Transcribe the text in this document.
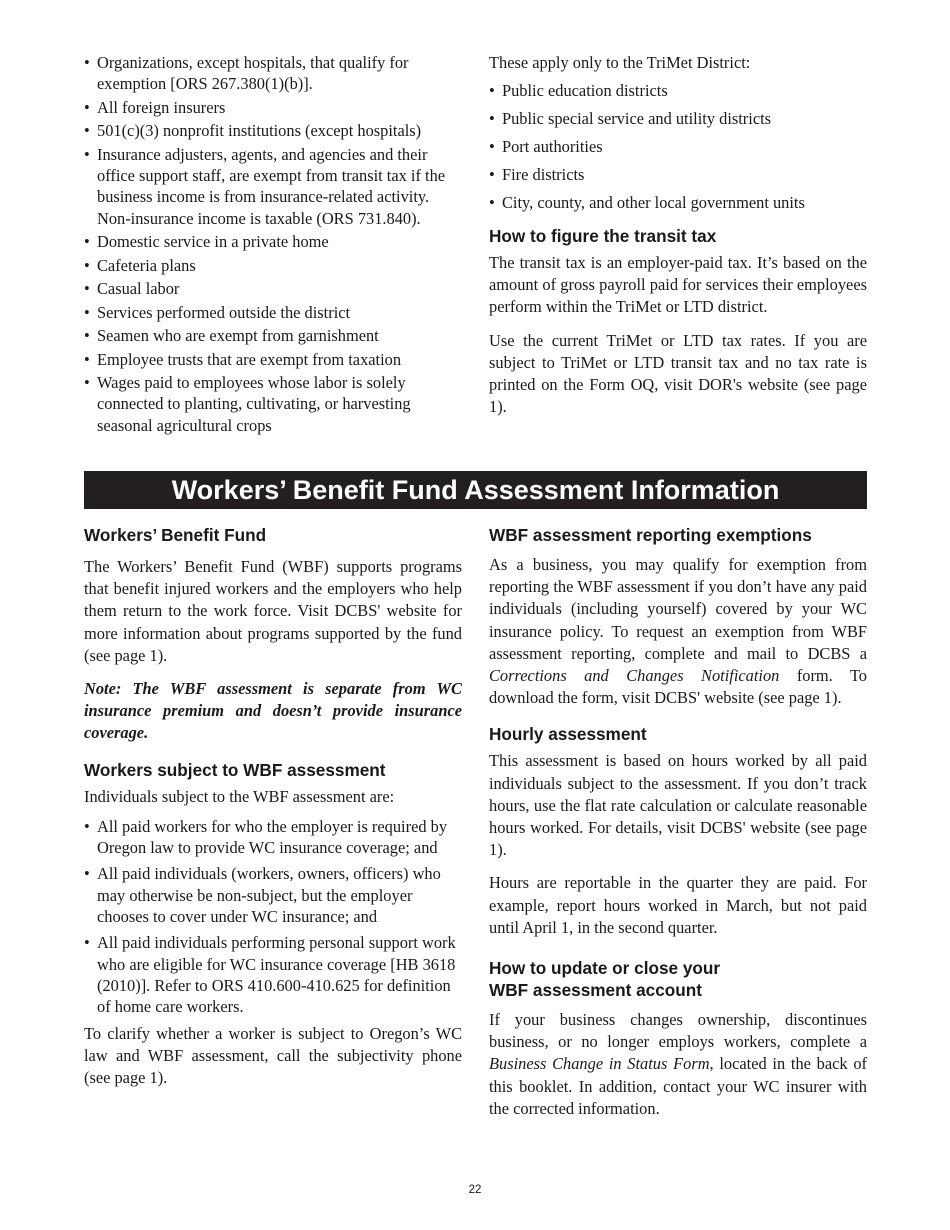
• Organizations, except hospitals, that qualify for exemption [ORS 267.380(1)(b)].
• All foreign insurers
• 501(c)(3) nonprofit institutions (except hospitals)
• Insurance adjusters, agents, and agencies and their office support staff, are exempt from transit tax if the business income is from insurance-related activity. Non-insurance income is taxable (ORS 731.840).
• Domestic service in a private home
• Cafeteria plans
• Casual labor
• Services performed outside the district
• Seamen who are exempt from garnishment
• Employee trusts that are exempt from taxation
• Wages paid to employees whose labor is solely connected to planting, cultivating, or harvesting seasonal agricultural crops

These apply only to the TriMet District:

• Public education districts
• Public special service and utility districts
• Port authorities
• Fire districts
• City, county, and other local government units
How to figure the transit tax

The transit tax is an employer-paid tax. It’s based on the amount of gross payroll paid for services their employees perform within the TriMet or LTD district.

Use the current TriMet or LTD tax rates. If you are subject to TriMet or LTD transit tax and no tax rate is printed on the Form OQ, visit DOR's website (see page 1).

Workers’ Benefit Fund Assessment Information
Workers’ Benefit Fund

The Workers’ Benefit Fund (WBF) supports programs that benefit injured workers and the employers who help them return to the work force. Visit DCBS' website for more information about programs supported by the fund (see page 1).

Note: The WBF assessment is separate from WC insurance premium and doesn’t provide insurance coverage.

Workers subject to WBF assessment

Individuals subject to the WBF assessment are:

• All paid workers for who the employer is required by Oregon law to provide WC insurance coverage; and
• All paid individuals (workers, owners, officers) who may otherwise be non-subject, but the employer chooses to cover under WC insurance; and
• All paid individuals performing personal support work who are eligible for WC insurance coverage [HB 3618 (2010)]. Refer to ORS 410.600-410.625 for definition of home care workers.

To clarify whether a worker is subject to Oregon’s WC law and WBF assessment, call the subjectivity phone (see page 1).

WBF assessment reporting exemptions

As a business, you may qualify for exemption from reporting the WBF assessment if you don’t have any paid individuals (including yourself) covered by your WC insurance policy. To request an exemption from WBF assessment reporting, complete and mail to DCBS a Corrections and Changes Notification form. To download the form, visit DCBS' website (see page 1).

Hourly assessment

This assessment is based on hours worked by all paid individuals subject to the assessment. If you don’t track hours, use the flat rate calculation or calculate reasonable hours worked. For details, visit DCBS' website (see page 1).

Hours are reportable in the quarter they are paid. For example, report hours worked in March, but not paid until April 1, in the second quarter.

How to update or close your
WBF assessment account

If your business changes ownership, discontinues business, or no longer employs workers, complete a Business Change in Status Form, located in the back of this booklet. In addition, contact your WC insurer with the corrected information.

22
